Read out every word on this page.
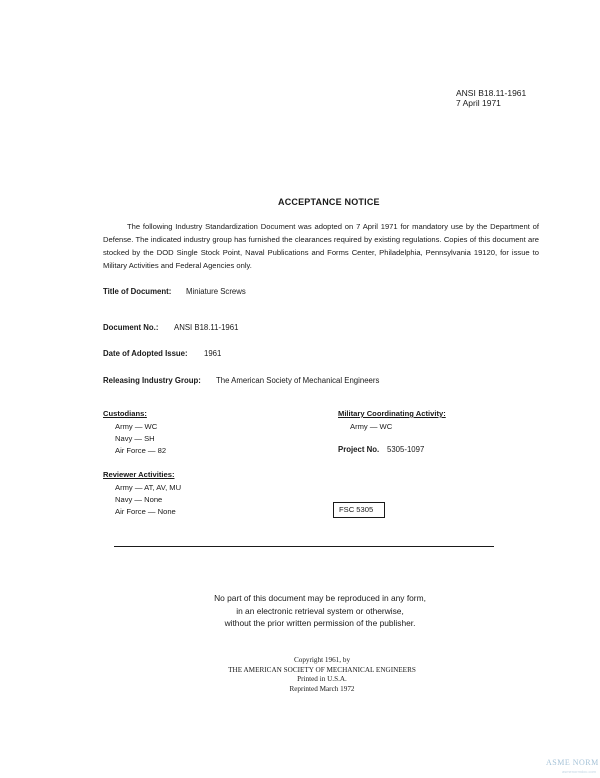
ANSI B18.11-1961
7 April 1971
ACCEPTANCE NOTICE

The following Industry Standardization Document was adopted on 7 April 1971 for mandatory use by the Department of Defense. The indicated industry group has furnished the clearances required by existing regulations. Copies of this document are stocked by the DOD Single Stock Point, Naval Publications and Forms Center, Philadelphia, Pennsylvania 19120, for issue to Military Activities and Federal Agencies only.

Title of Document: Miniature Screws
Document No.: ANSI B18.11-1961
Date of Adopted Issue: 1961
Releasing Industry Group: The American Society of Mechanical Engineers
Custodians:
Army — WC
Navy — SH
Air Force — 82
Military Coordinating Activity:
Army — WC
Project No. 5305-1097
Reviewer Activities:
Army — AT, AV, MU
Navy — None
Air Force — None	FSC 5305
No part of this document may be reproduced in any form,
in an electronic retrieval system or otherwise,
without the prior written permission of the publisher.
Copyright 1961, by
THE AMERICAN SOCIETY OF MECHANICAL ENGINEERS
Printed in U.S.A.
Reprinted March 1972
ASME NORM
asmenormdoc.com
